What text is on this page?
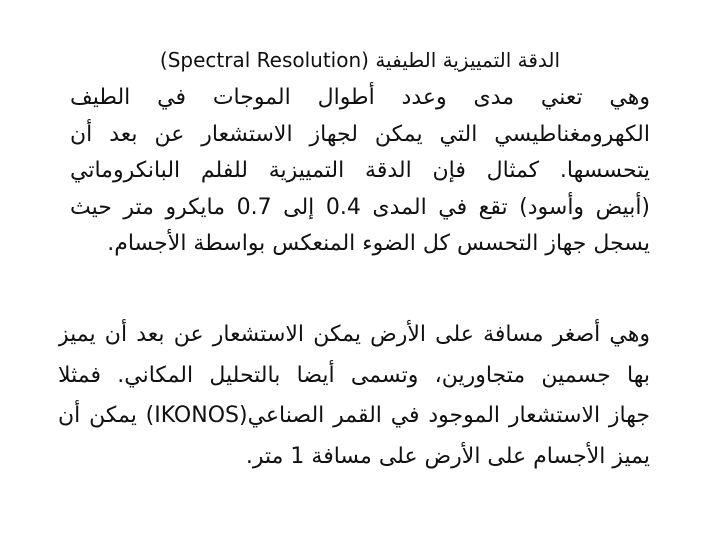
الدقة التمييزية الطيفية (Spectral Resolution)
وهي تعني مدى وعدد أطوال الموجات في الطيف
الكهرومغناطيسي التي يمكن لجهاز الاستشعار عن بعد أن
يتحسسها. كمثال فإن الدقة التمييزية للفلم البانكروماتي
(أبيض وأسود) تقع في المدى 0.4 إلى 0.7 مايكرو متر حيث
يسجل جهاز التحسس كل الضوء المنعكس بواسطة الأجسام.
وهي أصغر مسافة على الأرض يمكن الاستشعار عن بعد أن يميز
بها جسمين متجاورين، وتسمى أيضا بالتحليل المكاني. فمثلا
جهاز الاستشعار الموجود في القمر الصناعي(IKONOS) يمكن أن
يميز الأجسام على الأرض على مسافة 1 متر.
